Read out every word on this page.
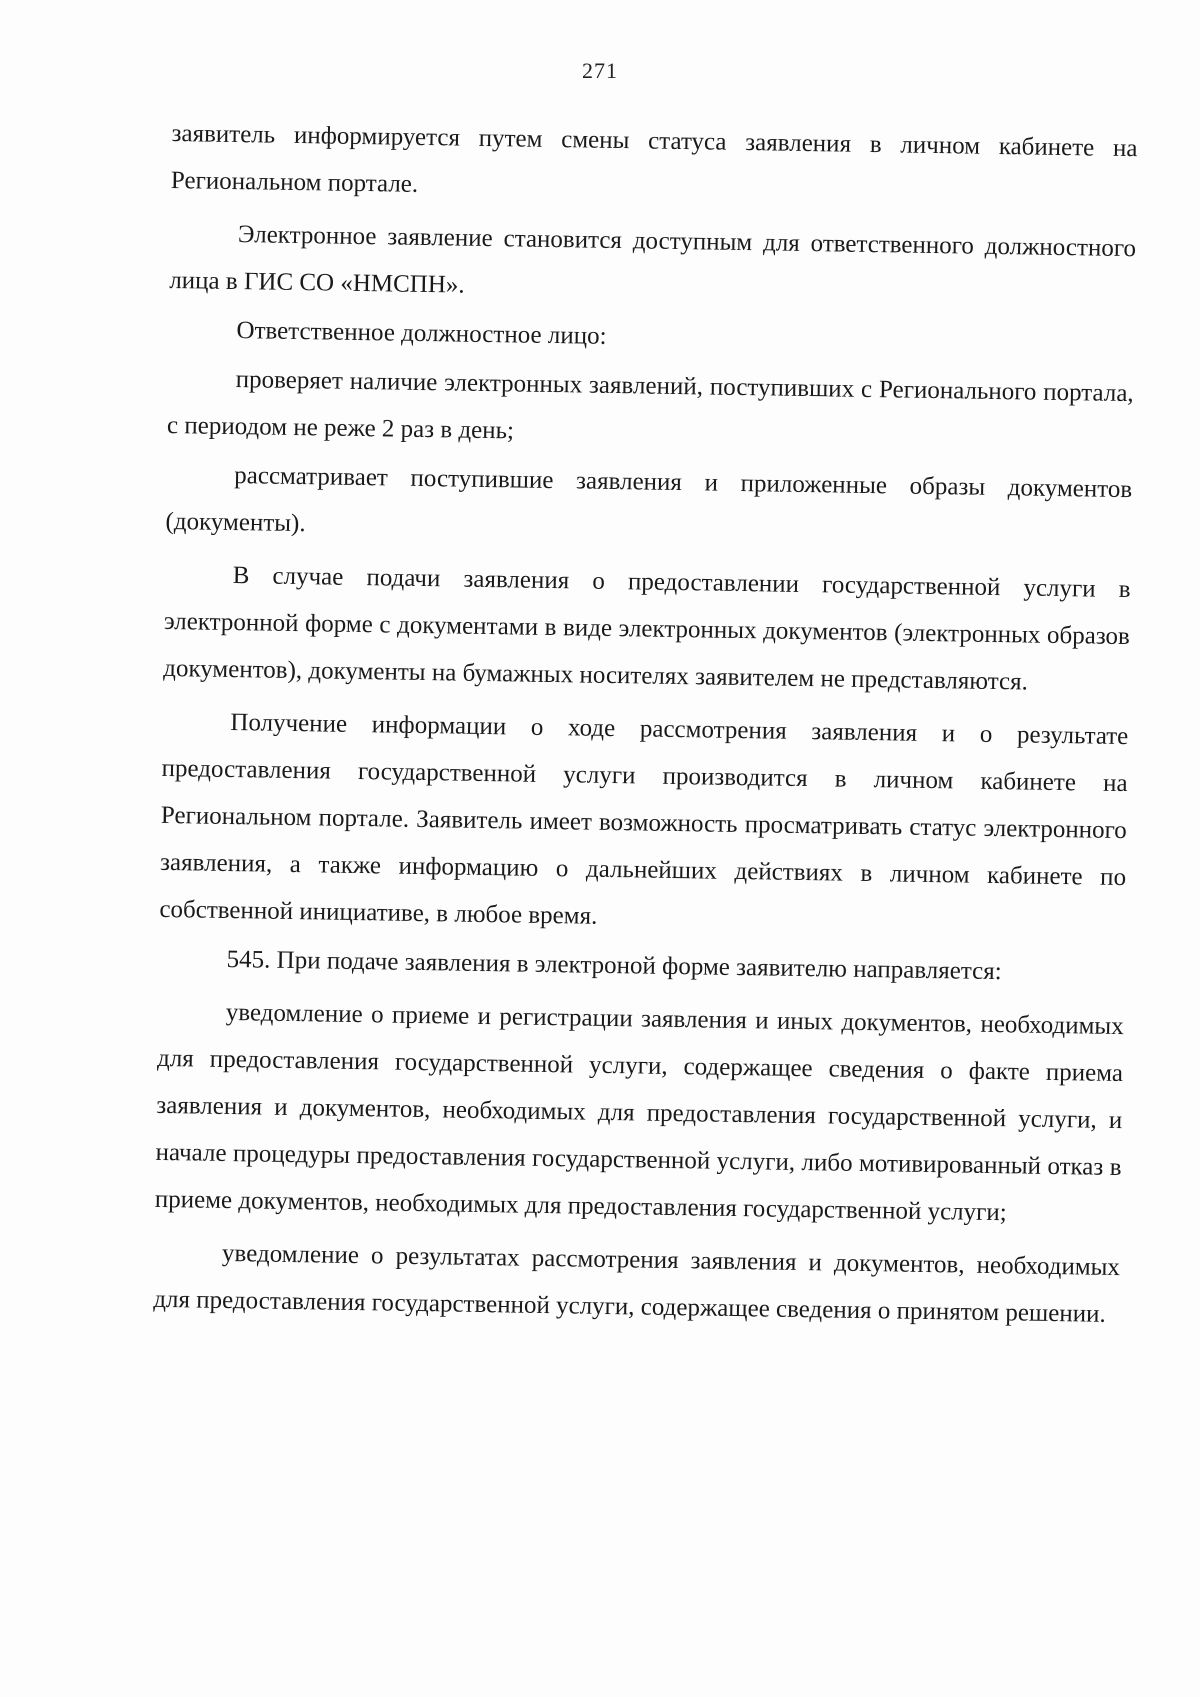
271

заявитель информируется путем смены статуса заявления в личном кабинете на Региональном портале.

Электронное заявление становится доступным для ответственного должностного лица в ГИС СО «НМСПН».

Ответственное должностное лицо:

проверяет наличие электронных заявлений, поступивших с Регионального портала, с периодом не реже 2 раз в день;

рассматривает поступившие заявления и приложенные образы документов (документы).

В случае подачи заявления о предоставлении государственной услуги в электронной форме с документами в виде электронных документов (электронных образов документов), документы на бумажных носителях заявителем не представляются.

Получение информации о ходе рассмотрения заявления и о результате предоставления государственной услуги производится в личном кабинете на Региональном портале. Заявитель имеет возможность просматривать статус электронного заявления, а также информацию о дальнейших действиях в личном кабинете по собственной инициативе, в любое время.

545. При подаче заявления в электроной форме заявителю направляется:

уведомление о приеме и регистрации заявления и иных документов, необходимых для предоставления государственной услуги, содержащее сведения о факте приема заявления и документов, необходимых для предоставления государственной услуги, и начале процедуры предоставления государственной услуги, либо мотивированный отказ в приеме документов, необходимых для предоставления государственной услуги;

уведомление о результатах рассмотрения заявления и документов, необходимых для предоставления государственной услуги, содержащее сведения о принятом решении.
